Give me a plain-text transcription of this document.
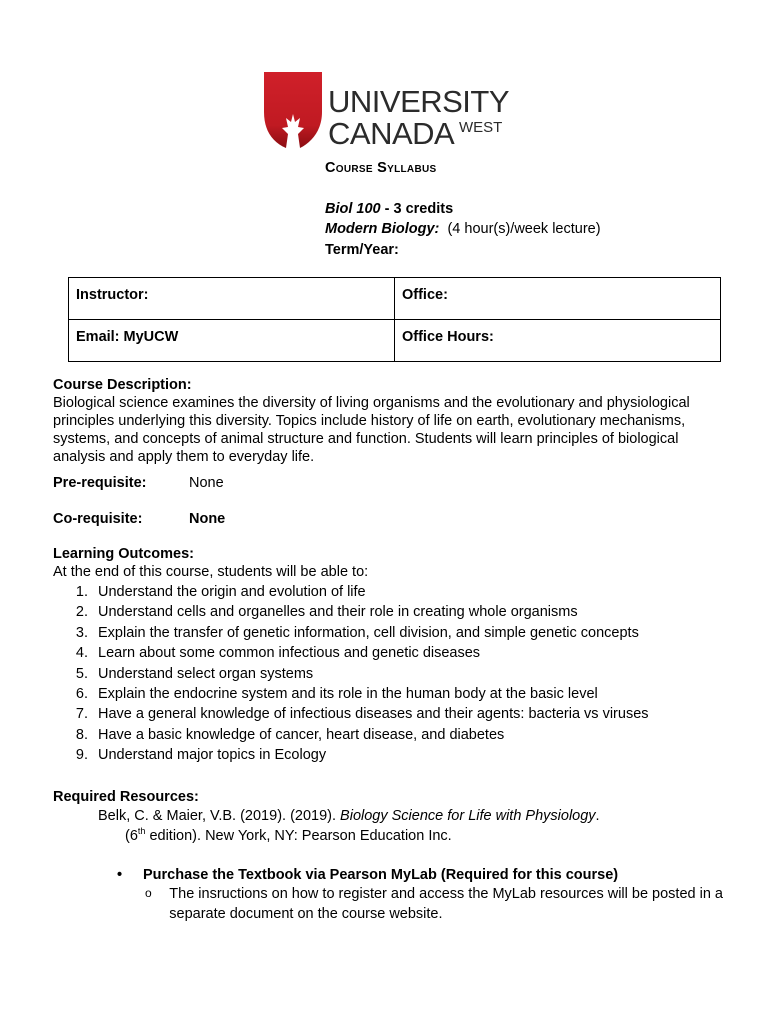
UNIVERSITY
CANADA WEST
Course Syllabus
Biol 100 - 3 credits
Modern Biology: (4 hour(s)/week lecture)
Term/Year:
Instructor:	Office:
Email: MyUCW	Office Hours:
Course Description:

Biological science examines the diversity of living organisms and the evolutionary and physiological principles underlying this diversity. Topics include history of life on earth, evolutionary mechanisms, systems, and concepts of animal structure and function. Students will learn principles of biological analysis and apply them to everyday life.

Pre-requisite:	None
Co-requisite:	None
Learning Outcomes:
At the end of this course, students will be able to:
1. Understand the origin and evolution of life
2. Understand cells and organelles and their role in creating whole organisms
3. Explain the transfer of genetic information, cell division, and simple genetic concepts
4. Learn about some common infectious and genetic diseases
5. Understand select organ systems
6. Explain the endocrine system and its role in the human body at the basic level
7. Have a general knowledge of infectious diseases and their agents: bacteria vs viruses
8. Have a basic knowledge of cancer, heart disease, and diabetes
9. Understand major topics in Ecology
Required Resources:
Belk, C. & Maier, V.B. (2019). (2019). Biology Science for Life with Physiology.
(6th edition). New York, NY: Pearson Education Inc.
•	Purchase the Textbook via Pearson MyLab (Required for this course)
o	The insructions on how to register and access the MyLab resources will be posted in a separate document on the course website.
